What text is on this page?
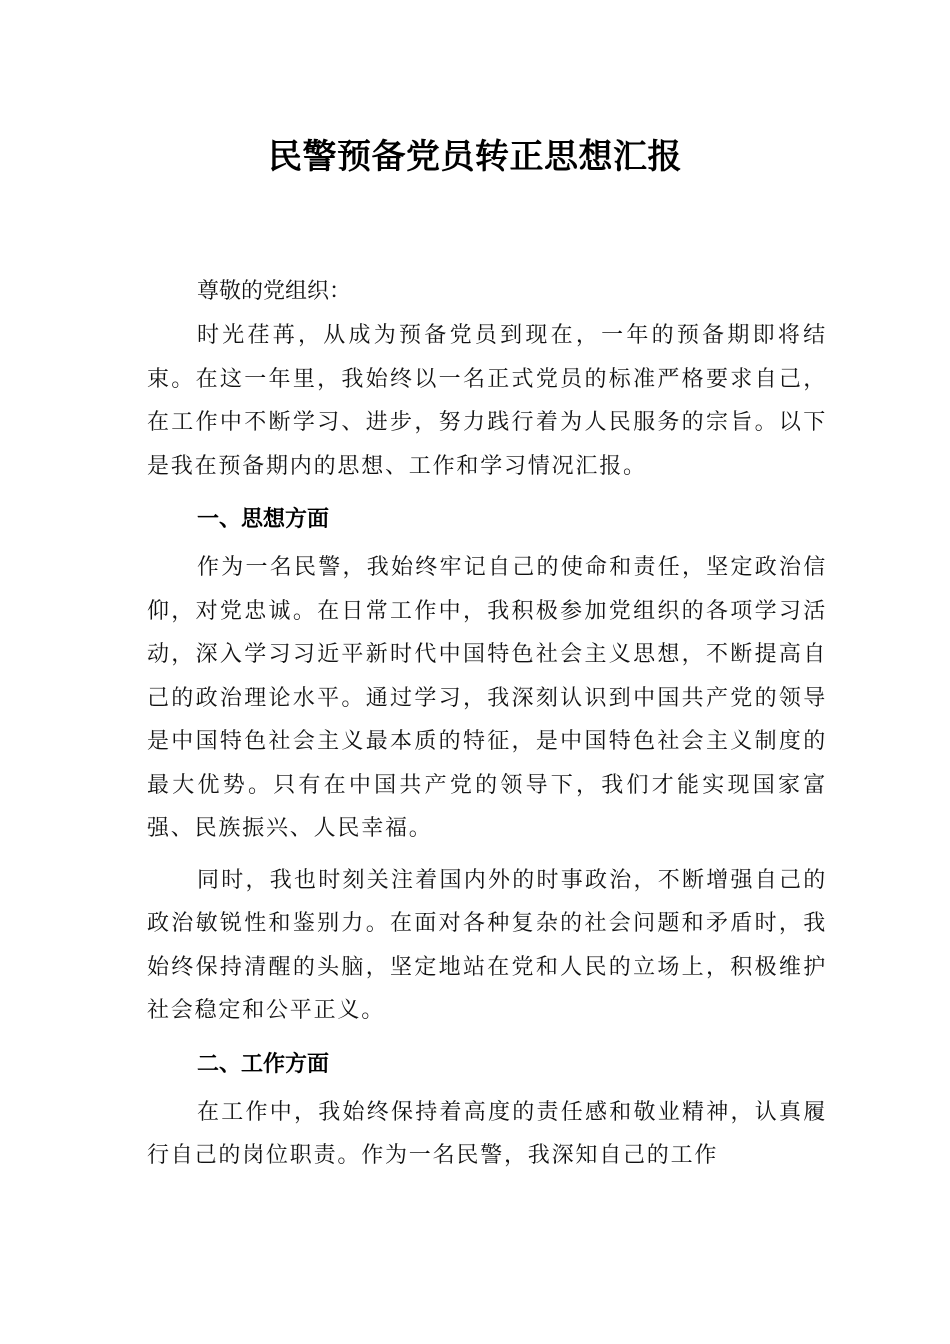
民警预备党员转正思想汇报

尊敬的党组织：

时光荏苒，从成为预备党员到现在，一年的预备期即将结束。在这一年里，我始终以一名正式党员的标准严格要求自己，在工作中不断学习、进步，努力践行着为人民服务的宗旨。以下是我在预备期内的思想、工作和学习情况汇报。

一、思想方面

作为一名民警，我始终牢记自己的使命和责任，坚定政治信仰，对党忠诚。在日常工作中，我积极参加党组织的各项学习活动，深入学习习近平新时代中国特色社会主义思想，不断提高自己的政治理论水平。通过学习，我深刻认识到中国共产党的领导是中国特色社会主义最本质的特征，是中国特色社会主义制度的最大优势。只有在中国共产党的领导下，我们才能实现国家富强、民族振兴、人民幸福。

同时，我也时刻关注着国内外的时事政治，不断增强自己的政治敏锐性和鉴别力。在面对各种复杂的社会问题和矛盾时，我始终保持清醒的头脑，坚定地站在党和人民的立场上，积极维护社会稳定和公平正义。

二、工作方面

在工作中，我始终保持着高度的责任感和敬业精神，认真履行自己的岗位职责。作为一名民警，我深知自己的工作
